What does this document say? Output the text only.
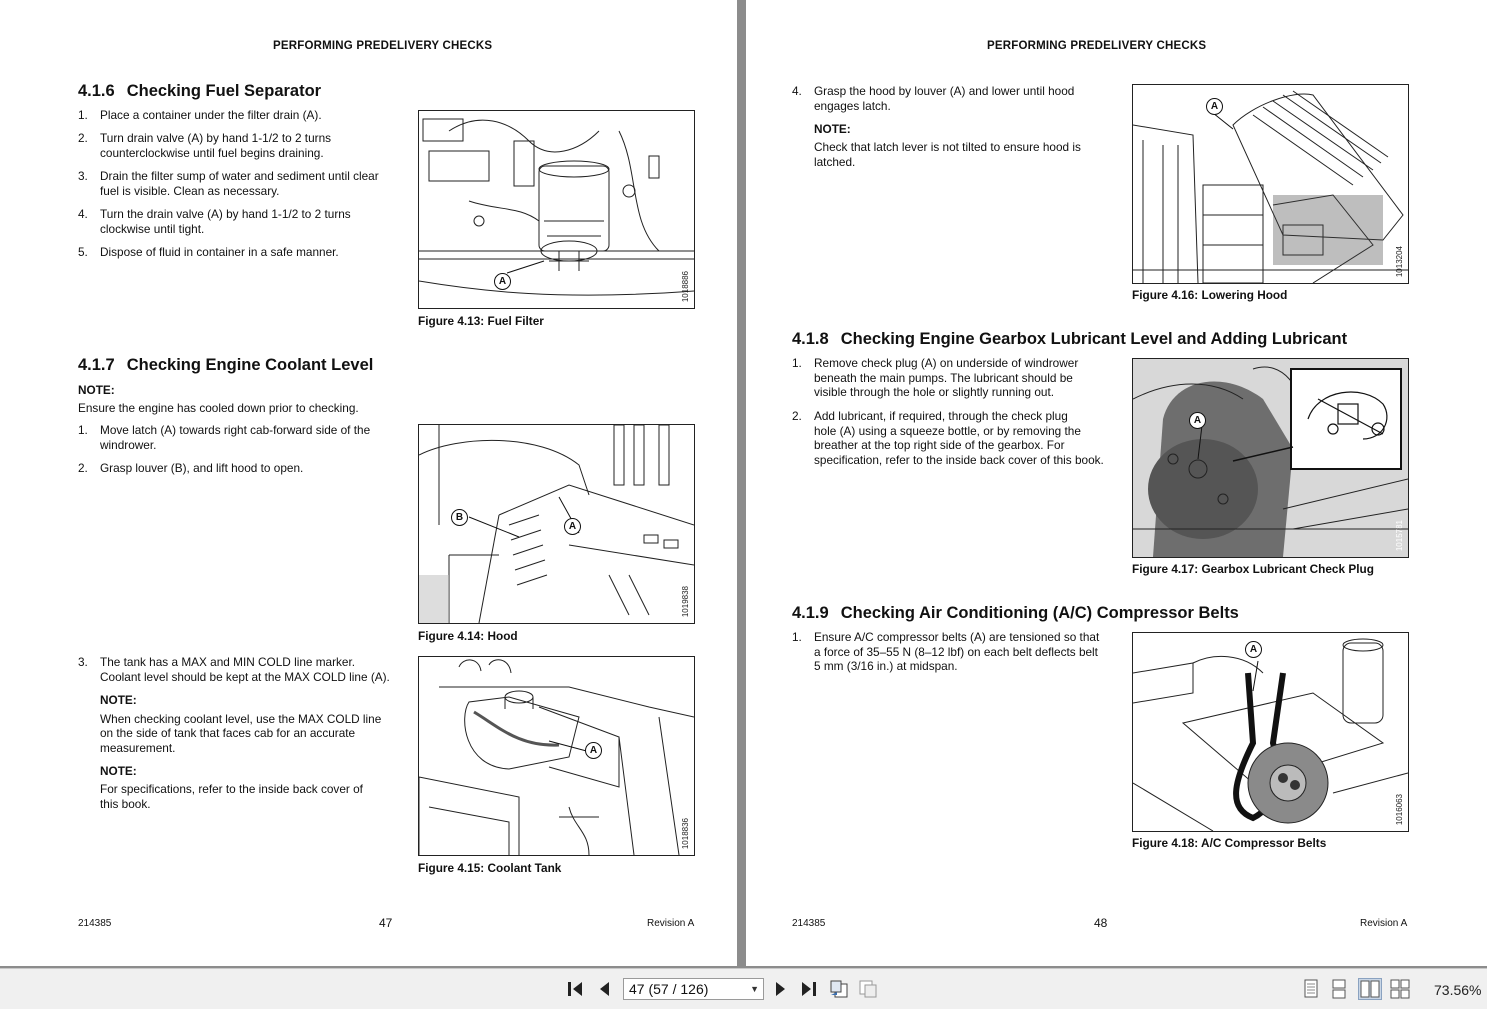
PERFORMING PREDELIVERY CHECKS
4.1.6 Checking Fuel Separator
1. Place a container under the filter drain (A).
2. Turn drain valve (A) by hand 1-1/2 to 2 turns
counterclockwise until fuel begins draining.
3. Drain the filter sump of water and sediment until clear
fuel is visible. Clean as necessary.
4. Turn the drain valve (A) by hand 1-1/2 to 2 turns
clockwise until tight.
5. Dispose of fluid in container in a safe manner.
A	1018886
Figure 4.13: Fuel Filter
4.1.7 Checking Engine Coolant Level
NOTE:
Ensure the engine has cooled down prior to checking.
1. Move latch (A) towards right cab-forward side of the
windrower.
2. Grasp louver (B), and lift hood to open.
B
A
1019838
Figure 4.14: Hood
3. The tank has a MAX and MIN COLD line marker.
Coolant level should be kept at the MAX COLD line (A).
NOTE:
When checking coolant level, use the MAX COLD line
on the side of tank that faces cab for an accurate
measurement.
NOTE:
For specifications, refer to the inside back cover of
this book.
A
1018836
Figure 4.15: Coolant Tank
214385	47	Revision A
PERFORMING PREDELIVERY CHECKS
4. Grasp the hood by louver (A) and lower until hood
engages latch.
NOTE:
Check that latch lever is not tilted to ensure hood is
latched.
A
1013204
Figure 4.16: Lowering Hood
4.1.8 Checking Engine Gearbox Lubricant Level and Adding Lubricant
1. Remove check plug (A) on underside of windrower
beneath the main pumps. The lubricant should be
visible through the hole or slightly running out.
2. Add lubricant, if required, through the check plug
hole (A) using a squeeze bottle, or by removing the
breather at the top right side of the gearbox. For
specification, refer to the inside back cover of this book.
A
1015781
Figure 4.17: Gearbox Lubricant Check Plug
4.1.9 Checking Air Conditioning (A/C) Compressor Belts
1. Ensure A/C compressor belts (A) are tensioned so that
a force of 35–55 N (8–12 lbf) on each belt deflects belt
5 mm (3/16 in.) at midspan.
A
1016063
Figure 4.18: A/C Compressor Belts
214385	48	Revision A
47 (57 / 126)	▼	73.56%
